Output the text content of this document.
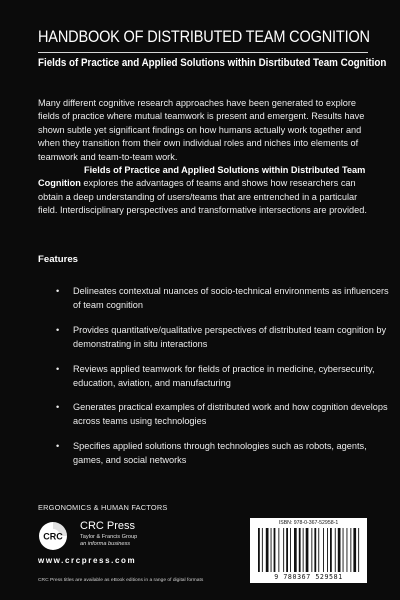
HANDBOOK OF DISTRIBUTED TEAM COGNITION
Fields of Practice and Applied Solutions within Disrtibuted Team Cognition
Many different cognitive research approaches have been generated to explore fields of practice where mutual teamwork is present and emergent. Results have shown subtle yet significant findings on how humans actually work together and when they transition from their own individual roles and niches into elements of teamwork and team-to-team work.
Fields of Practice and Applied Solutions within Distributed Team Cognition explores the advantages of teams and shows how researchers can obtain a deep understanding of users/teams that are entrenched in a particular field. Interdisciplinary perspectives and transformative intersections are provided.
Features
• Delineates contextual nuances of socio-technical environments as influencers of team cognition
• Provides quantitative/qualitative perspectives of distributed team cognition by demonstrating in situ interactions
• Reviews applied teamwork for fields of practice in medicine, cybersecurity, education, aviation, and manufacturing
• Generates practical examples of distributed work and how cognition develops across teams using technologies
• Specifies applied solutions through technologies such as robots, agents, games, and social networks
ERGONOMICS & HUMAN FACTORS
CRC
CRC Press
Taylor & Francis Group
an informa business
www.crcpress.com
CRC Press titles are available as eBook editions in a range of digital formats
ISBN: 978-0-367-52958-1
9 780367 529581
